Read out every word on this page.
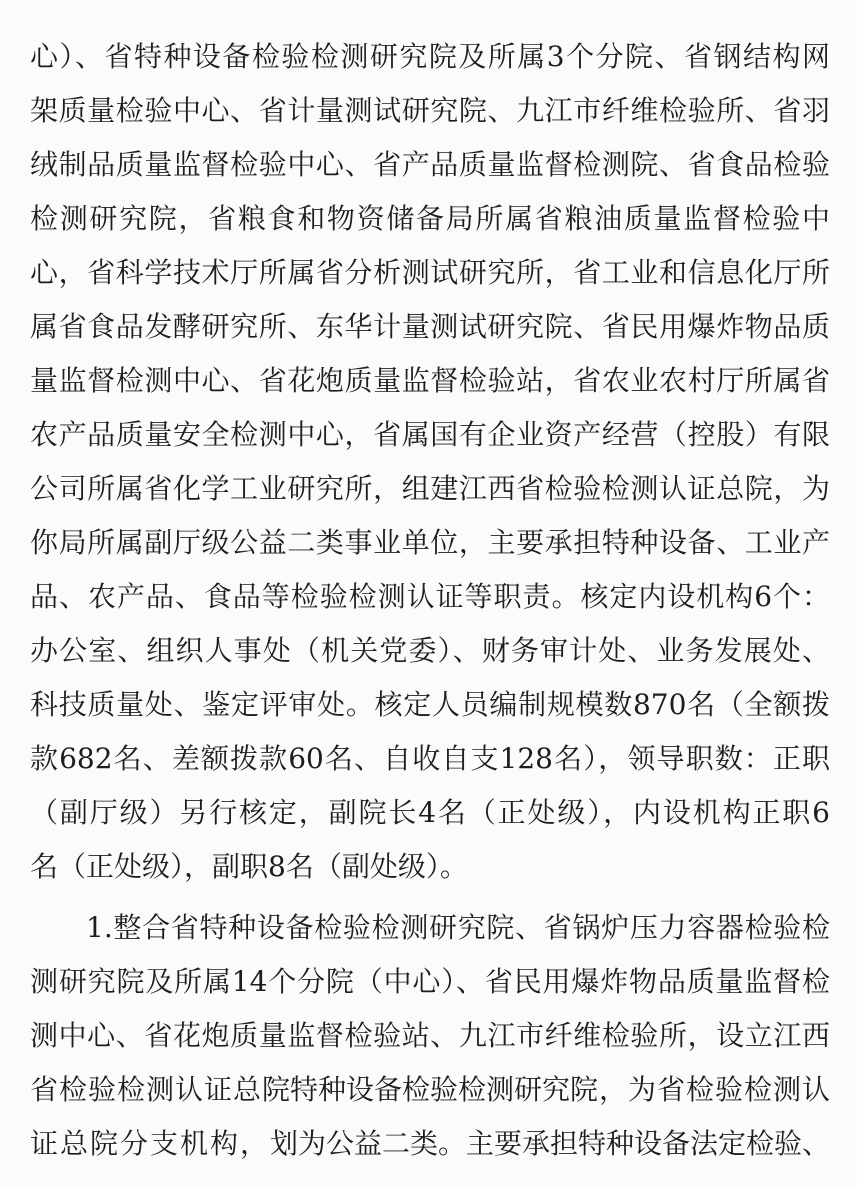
心）、省特种设备检验检测研究院及所属3个分院、省钢结构网
架质量检验中心、省计量测试研究院、九江市纤维检验所、省羽
绒制品质量监督检验中心、省产品质量监督检测院、省食品检验
检测研究院，省粮食和物资储备局所属省粮油质量监督检验中
心，省科学技术厅所属省分析测试研究所，省工业和信息化厅所
属省食品发酵研究所、东华计量测试研究院、省民用爆炸物品质
量监督检测中心、省花炮质量监督检验站，省农业农村厅所属省
农产品质量安全检测中心，省属国有企业资产经营（控股）有限
公司所属省化学工业研究所，组建江西省检验检测认证总院，为
你局所属副厅级公益二类事业单位，主要承担特种设备、工业产
品、农产品、食品等检验检测认证等职责。核定内设机构6个：
办公室、组织人事处（机关党委）、财务审计处、业务发展处、
科技质量处、鉴定评审处。核定人员编制规模数870名（全额拨
款682名、差额拨款60名、自收自支128名），领导职数：正职
（副厅级）另行核定，副院长4名（正处级），内设机构正职6
名（正处级），副职8名（副处级）。
1.整合省特种设备检验检测研究院、省锅炉压力容器检验检
测研究院及所属14个分院（中心）、省民用爆炸物品质量监督检
测中心、省花炮质量监督检验站、九江市纤维检验所，设立江西
省检验检测认证总院特种设备检验检测研究院，为省检验检测认
证总院分支机构，划为公益二类。主要承担特种设备法定检验、
